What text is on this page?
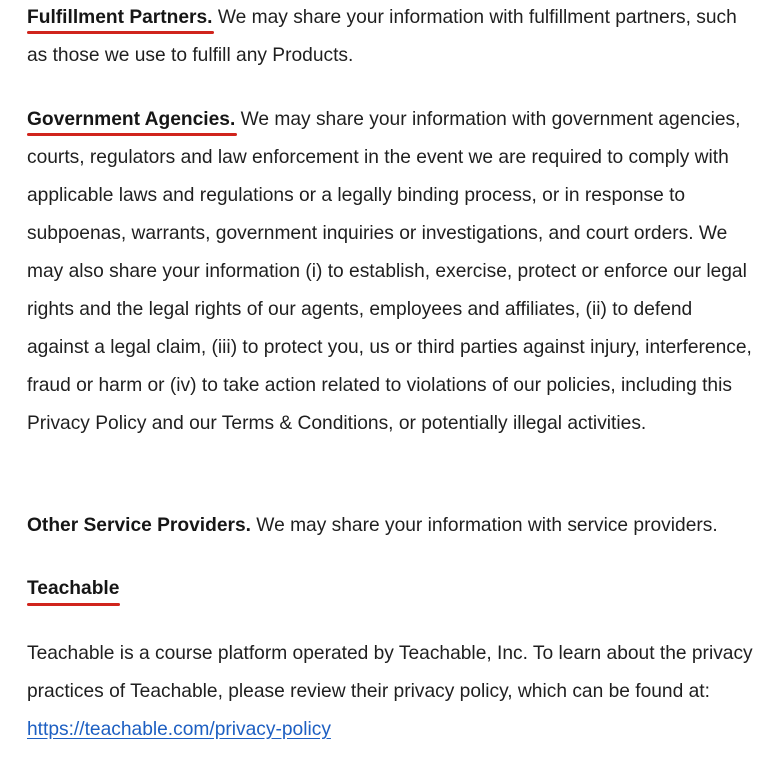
Fulfillment Partners. We may share your information with fulfillment partners, such as those we use to fulfill any Products.

Government Agencies. We may share your information with government agencies, courts, regulators and law enforcement in the event we are required to comply with applicable laws and regulations or a legally binding process, or in response to subpoenas, warrants, government inquiries or investigations, and court orders. We may also share your information (i) to establish, exercise, protect or enforce our legal rights and the legal rights of our agents, employees and affiliates, (ii) to defend against a legal claim, (iii) to protect you, us or third parties against injury, interference, fraud or harm or (iv) to take action related to violations of our policies, including this Privacy Policy and our Terms & Conditions, or potentially illegal activities.

Other Service Providers. We may share your information with service providers.

Teachable

Teachable is a course platform operated by Teachable, Inc. To learn about the privacy practices of Teachable, please review their privacy policy, which can be found at: https://teachable.com/privacy-policy
